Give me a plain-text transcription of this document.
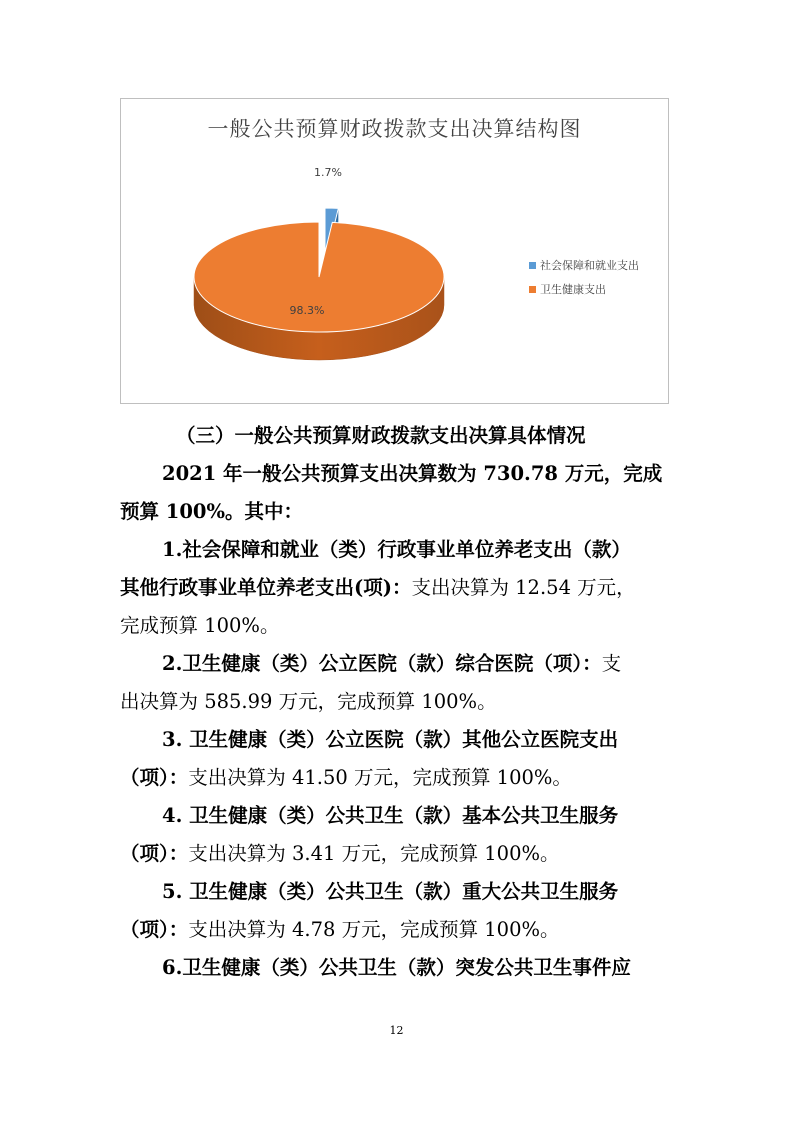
一般公共预算财政拨款支出决算结构图
1.7%
98.3%
社会保障和就业支出
卫生健康支出
（三）一般公共预算财政拨款支出决算具体情况
2021 年一般公共预算支出决算数为 730.78 万元，完成
预算 100%。其中：
1.社会保障和就业（类）行政事业单位养老支出（款）
其他行政事业单位养老支出(项)：支出决算为 12.54 万元，
完成预算 100%。
2.卫生健康（类）公立医院（款）综合医院（项）：支
出决算为 585.99 万元，完成预算 100%。
3. 卫生健康（类）公立医院（款）其他公立医院支出
（项）：支出决算为 41.50 万元，完成预算 100%。
4. 卫生健康（类）公共卫生（款）基本公共卫生服务
（项）：支出决算为 3.41 万元，完成预算 100%。
5. 卫生健康（类）公共卫生（款）重大公共卫生服务
（项）：支出决算为 4.78 万元，完成预算 100%。
6.卫生健康（类）公共卫生（款）突发公共卫生事件应
12
